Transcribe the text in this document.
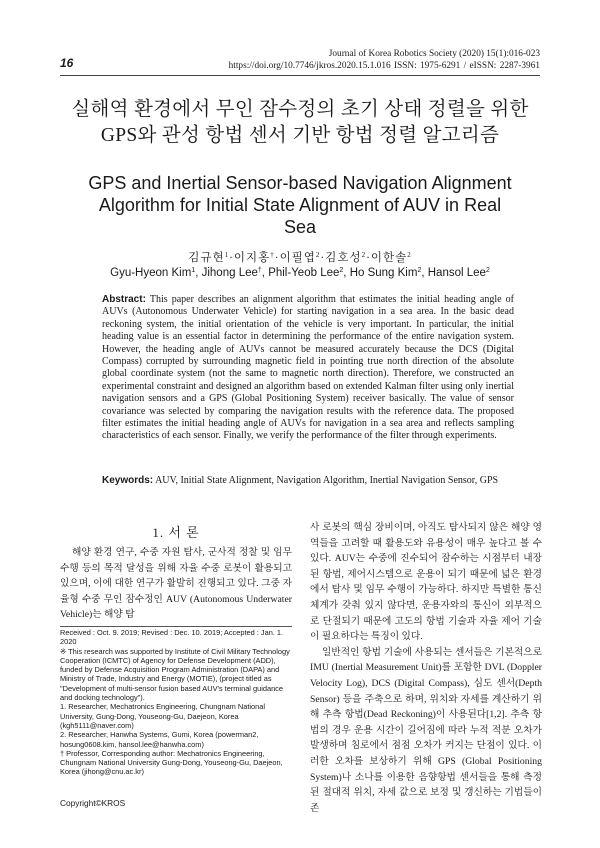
16
Journal of Korea Robotics Society (2020) 15(1):016-023
https://doi.org/10.7746/jkros.2020.15.1.016 ISSN: 1975-6291 / eISSN: 2287-3961
실해역 환경에서 무인 잠수정의 초기 상태 정렬을 위한
GPS와 관성 항법 센서 기반 항법 정렬 알고리즘
GPS and Inertial Sensor-based Navigation Alignment
Algorithm for Initial State Alignment of AUV in Real
Sea
김규현$^1$·이지홍†·이필엽$^2$·김호성$^2$·이한솔$^2$
Gyu-Hyeon Kim$^1$, Jihong Lee†, Phil-Yeob Lee$^2$, Ho Sung Kim$^2$, Hansol Lee$^2$
Abstract: This paper describes an alignment algorithm that estimates the initial heading angle of AUVs (Autonomous Underwater Vehicle) for starting navigation in a sea area. In the basic dead reckoning system, the initial orientation of the vehicle is very important. In particular, the initial heading value is an essential factor in determining the performance of the entire navigation system. However, the heading angle of AUVs cannot be measured accurately because the DCS (Digital Compass) corrupted by surrounding magnetic field in pointing true north direction of the absolute global coordinate system (not the same to magnetic north direction). Therefore, we constructed an experimental constraint and designed an algorithm based on extended Kalman filter using only inertial navigation sensors and a GPS (Global Positioning System) receiver basically. The value of sensor covariance was selected by comparing the navigation results with the reference data. The proposed filter estimates the initial heading angle of AUVs for navigation in a sea area and reflects sampling characteristics of each sensor. Finally, we verify the performance of the filter through experiments.
Keywords: AUV, Initial State Alignment, Navigation Algorithm, Inertial Navigation Sensor, GPS
1. 서 론

해양 환경 연구, 수중 자원 탐사, 군사적 정찰 및 임무 수행 등의 목적 달성을 위해 자율 수중 로봇이 활용되고 있으며, 이에 대한 연구가 활발히 진행되고 있다. 그중 자율형 수중 무인 잠수정인 AUV (Autonomous Underwater Vehicle)는 해양 탐

Received : Oct. 9. 2019; Revised : Dec. 10. 2019; Accepted : Jan. 1. 2020
※ This research was supported by Institute of Civil Military Technology Cooperation (ICMTC) of Agency for Defense Development (ADD), funded by Defense Acquisition Program Administration (DAPA) and Ministry of Trade, Industry and Energy (MOTIE), (project titled as "Development of multi-sensor fusion based AUV's terminal guidance and docking technology").
1. Researcher, Mechatronics Engineering, Chungnam National University, Gung-Dong, Youseong-Gu, Daejeon, Korea (kgh5111@naver.com)
2. Researcher, Hanwha Systems, Gumi, Korea (powerman2, hosung0608.kim, hansol.lee@hanwha.com)
† Professor, Corresponding author: Mechatronics Engineering, Chungnam National University Gung-Dong, Youseong-Gu, Daejeon, Korea (jihong@cnu.ac.kr)
Copyright©KROS

사 로봇의 핵심 장비이며, 아직도 탐사되지 않은 해양 영역들을 고려할 때 활용도와 유용성이 매우 높다고 볼 수 있다. AUV는 수중에 진수되어 잠수하는 시점부터 내장된 항법, 제어시스템으로 운용이 되기 때문에 넓은 환경에서 탐사 및 임무 수행이 가능하다. 하지만 특별한 통신 체계가 갖춰 있지 않다면, 운용자와의 통신이 외부적으로 단절되기 때문에 고도의 항법 기술과 자율 제어 기술이 필요하다는 특징이 있다.

일반적인 항법 기술에 사용되는 센서들은 기본적으로 IMU (Inertial Measurement Unit)를 포함한 DVL (Doppler Velocity Log), DCS (Digital Compass), 심도 센서(Depth Sensor) 등을 주축으로 하며, 위치와 자세를 계산하기 위해 추측 항법(Dead Reckoning)이 사용된다[1,2]. 추측 항법의 경우 운용 시간이 길어짐에 따라 누적 적분 오차가 발생하며 침로에서 점점 오차가 커지는 단점이 있다. 이러한 오차를 보상하기 위해 GPS (Global Positioning System)나 소나를 이용한 음향항법 센서들을 통해 측정된 절대적 위치, 자세 값으로 보정 및 갱신하는 기법들이 존
